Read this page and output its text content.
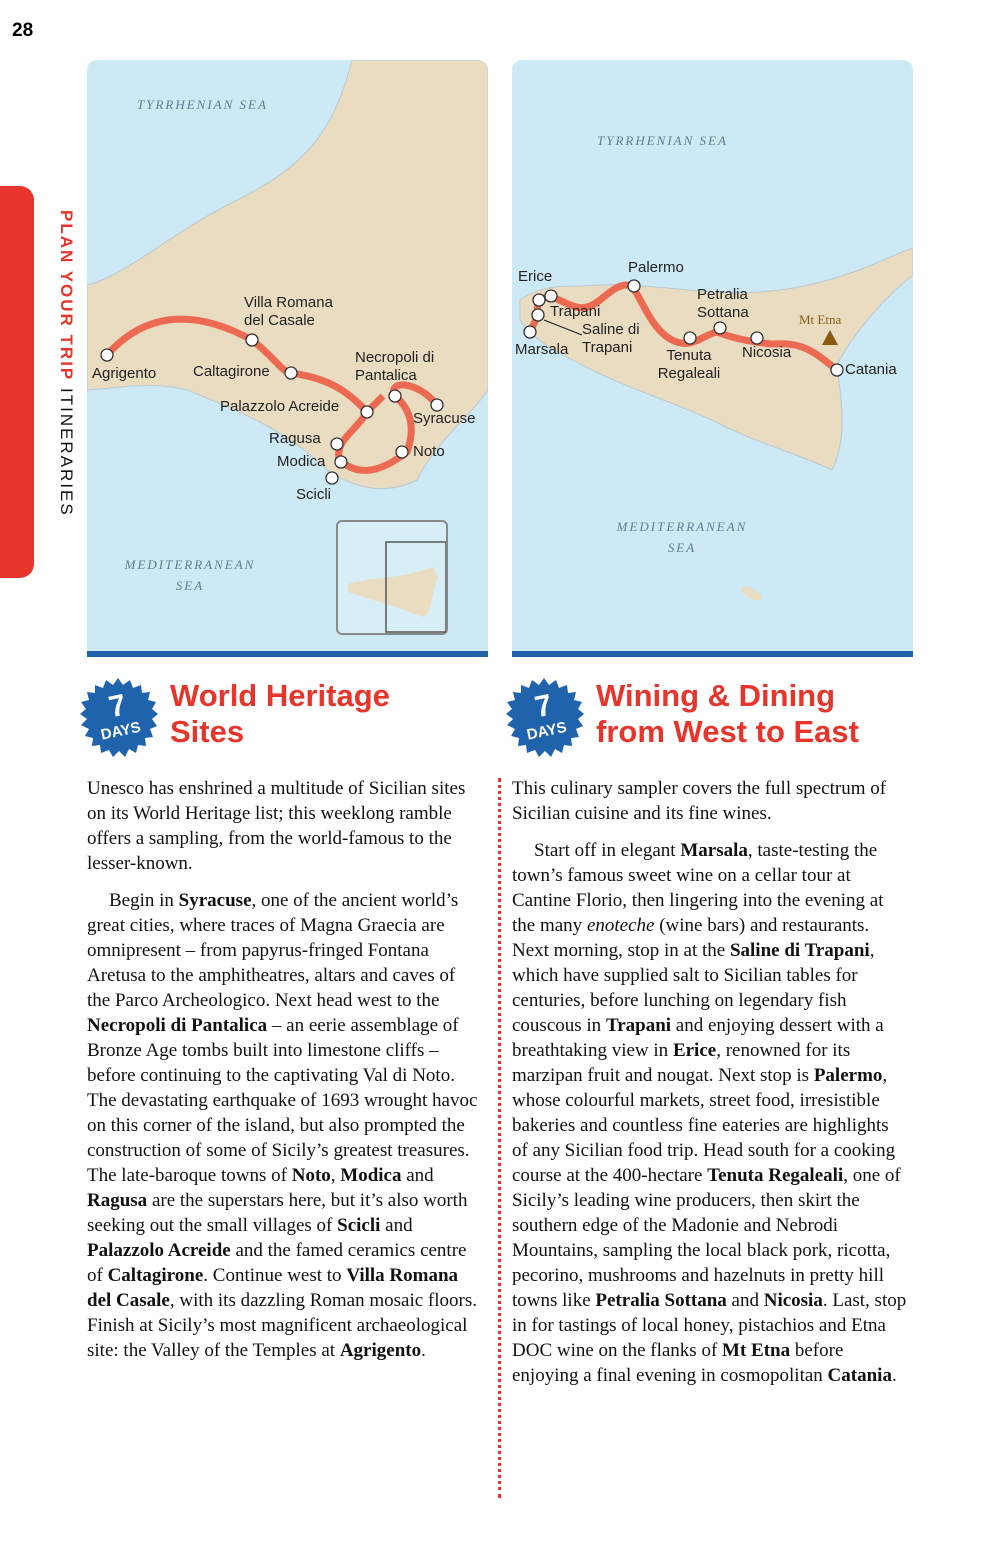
28
PLAN YOUR TRIP ITINERARIES
TYRRHENIAN SEA
MEDITERRANEAN SEA
Agrigento
Villa Romana del Casale
Caltagirone
Necropoli di Pantalica
Palazzolo Acreide
Syracuse
Ragusa
Modica
Noto
Scicli
TYRRHENIAN SEA
MEDITERRANEAN SEA
Mt Etna
Erice
Trapani
Saline di Trapani
Marsala
Palermo
Petralia Sottana
Tenuta Regaleali
Nicosia
Catania
7
DAYS
World Heritage Sites
7
DAYS
Wining & Dining from West to East

Unesco has enshrined a multitude of Sicilian sites on its World Heritage list; this weeklong ramble offers a sampling, from the world-famous to the lesser-known.

Begin in Syracuse, one of the ancient world’s great cities, where traces of Magna Graecia are omnipresent – from papyrus-fringed Fontana Aretusa to the amphitheatres, altars and caves of the Parco Archeologico. Next head west to the Necropoli di Pantalica – an eerie assemblage of Bronze Age tombs built into limestone cliffs – before continuing to the captivating Val di Noto. The devastating earthquake of 1693 wrought havoc on this corner of the island, but also prompted the construction of some of Sicily’s greatest treasures. The late-baroque towns of Noto, Modica and Ragusa are the superstars here, but it’s also worth seeking out the small villages of Scicli and Palazzolo Acreide and the famed ceramics centre of Caltagirone. Continue west to Villa Romana del Casale, with its dazzling Roman mosaic floors. Finish at Sicily’s most magnificent archaeological site: the Valley of the Temples at Agrigento.

This culinary sampler covers the full spectrum of Sicilian cuisine and its fine wines.

Start off in elegant Marsala, taste-testing the town’s famous sweet wine on a cellar tour at Cantine Florio, then lingering into the evening at the many enoteche (wine bars) and restaurants. Next morning, stop in at the Saline di Trapani, which have supplied salt to Sicilian tables for centuries, before lunching on legendary fish couscous in Trapani and enjoying dessert with a breathtaking view in Erice, renowned for its marzipan fruit and nougat. Next stop is Palermo, whose colourful markets, street food, irresistible bakeries and countless fine eateries are highlights of any Sicilian food trip. Head south for a cooking course at the 400-hectare Tenuta Regaleali, one of Sicily’s leading wine producers, then skirt the southern edge of the Madonie and Nebrodi Mountains, sampling the local black pork, ricotta, pecorino, mushrooms and hazelnuts in pretty hill towns like Petralia Sottana and Nicosia. Last, stop in for tastings of local honey, pistachios and Etna DOC wine on the flanks of Mt Etna before enjoying a final evening in cosmopolitan Catania.
